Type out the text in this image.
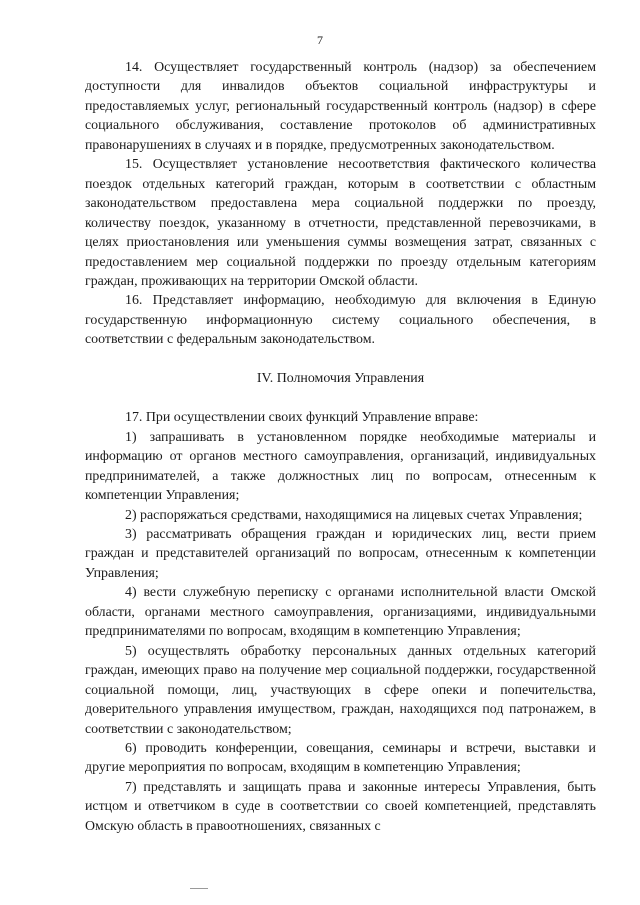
7

14. Осуществляет государственный контроль (надзор) за обеспечением доступности для инвалидов объектов социальной инфраструктуры и предоставляемых услуг, региональный государственный контроль (надзор) в сфере социального обслуживания, составление протоколов об административных правонарушениях в случаях и в порядке, предусмотренных законодательством.

15. Осуществляет установление несоответствия фактического количества поездок отдельных категорий граждан, которым в соответствии с областным законодательством предоставлена мера социальной поддержки по проезду, количеству поездок, указанному в отчетности, представленной перевозчиками, в целях приостановления или уменьшения суммы возмещения затрат, связанных с предоставлением мер социальной поддержки по проезду отдельным категориям граждан, проживающих на территории Омской области.

16. Представляет информацию, необходимую для включения в Единую государственную информационную систему социального обеспечения, в соответствии с федеральным законодательством.

IV. Полномочия Управления

17. При осуществлении своих функций Управление вправе:

1) запрашивать в установленном порядке необходимые материалы и информацию от органов местного самоуправления, организаций, индивидуальных предпринимателей, а также должностных лиц по вопросам, отнесенным к компетенции Управления;

2) распоряжаться средствами, находящимися на лицевых счетах Управления;

3) рассматривать обращения граждан и юридических лиц, вести прием граждан и представителей организаций по вопросам, отнесенным к компетенции Управления;

4) вести служебную переписку с органами исполнительной власти Омской области, органами местного самоуправления, организациями, индивидуальными предпринимателями по вопросам, входящим в компетенцию Управления;

5) осуществлять обработку персональных данных отдельных категорий граждан, имеющих право на получение мер социальной поддержки, государственной социальной помощи, лиц, участвующих в сфере опеки и попечительства, доверительного управления имуществом, граждан, находящихся под патронажем, в соответствии с законодательством;

6) проводить конференции, совещания, семинары и встречи, выставки и другие мероприятия по вопросам, входящим в компетенцию Управления;

7) представлять и защищать права и законные интересы Управления, быть истцом и ответчиком в суде в соответствии со своей компетенцией, представлять Омскую область в правоотношениях, связанных с
